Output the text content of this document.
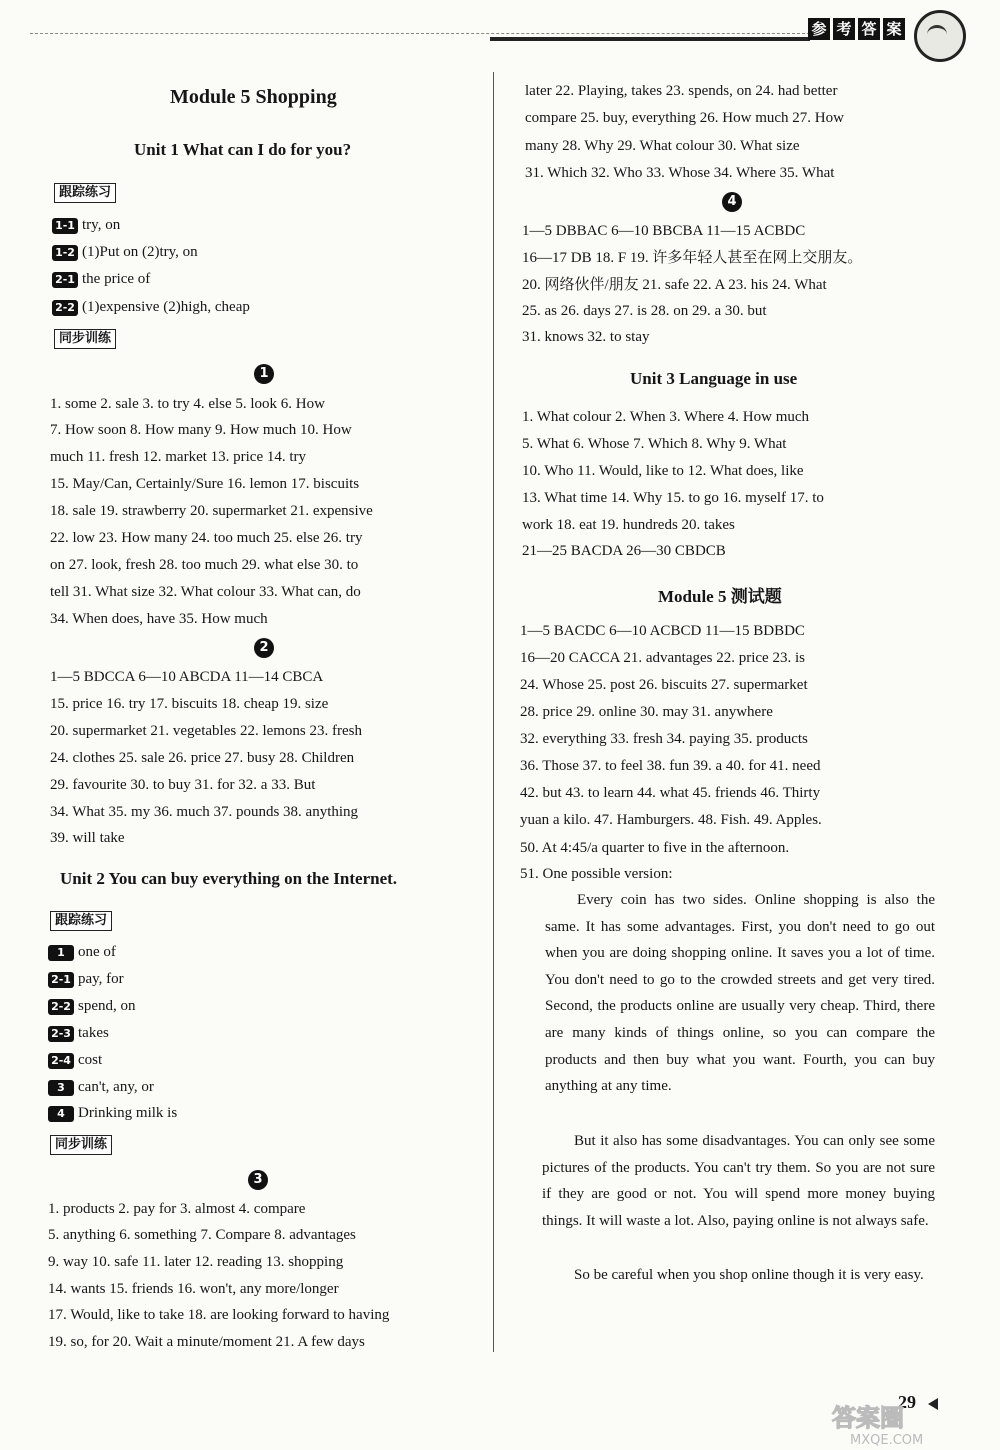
参 考 答 案
Module 5 Shopping
Unit 1 What can I do for you?
跟踪练习
1-1 try, on
1-2 (1)Put on (2)try, on
2-1 the price of
2-2 (1)expensive (2)high, cheap
同步训练
1
1. some 2. sale 3. to try 4. else 5. look 6. How
7. How soon 8. How many 9. How much 10. How
much 11. fresh 12. market 13. price 14. try
15. May/Can, Certainly/Sure 16. lemon 17. biscuits
18. sale 19. strawberry 20. supermarket 21. expensive
22. low 23. How many 24. too much 25. else 26. try
on 27. look, fresh 28. too much 29. what else 30. to
tell 31. What size 32. What colour 33. What can, do
34. When does, have 35. How much
2
1—5 BDCCA 6—10 ABCDA 11—14 CBCA
15. price 16. try 17. biscuits 18. cheap 19. size
20. supermarket 21. vegetables 22. lemons 23. fresh
24. clothes 25. sale 26. price 27. busy 28. Children
29. favourite 30. to buy 31. for 32. a 33. But
34. What 35. my 36. much 37. pounds 38. anything
39. will take
Unit 2 You can buy everything on the Internet.
跟踪练习
1 one of
2-1 pay, for
2-2 spend, on
2-3 takes
2-4 cost
3 can't, any, or
4 Drinking milk is
同步训练
3
1. products 2. pay for 3. almost 4. compare
5. anything 6. something 7. Compare 8. advantages
9. way 10. safe 11. later 12. reading 13. shopping
14. wants 15. friends 16. won't, any more/longer
17. Would, like to take 18. are looking forward to having
19. so, for 20. Wait a minute/moment 21. A few days
later 22. Playing, takes 23. spends, on 24. had better
compare 25. buy, everything 26. How much 27. How
many 28. Why 29. What colour 30. What size
31. Which 32. Who 33. Whose 34. Where 35. What
4
1—5 DBBAC 6—10 BBCBA 11—15 ACBDC
16—17 DB 18. F 19. 许多年轻人甚至在网上交朋友。
20. 网络伙伴/朋友 21. safe 22. A 23. his 24. What
25. as 26. days 27. is 28. on 29. a 30. but
31. knows 32. to stay
Unit 3 Language in use
1. What colour 2. When 3. Where 4. How much
5. What 6. Whose 7. Which 8. Why 9. What
10. Who 11. Would, like to 12. What does, like
13. What time 14. Why 15. to go 16. myself 17. to
work 18. eat 19. hundreds 20. takes
21—25 BACDA 26—30 CBDCB
Module 5 测试题
1—5 BACDC 6—10 ACBCD 11—15 BDBDC
16—20 CACCA 21. advantages 22. price 23. is
24. Whose 25. post 26. biscuits 27. supermarket
28. price 29. online 30. may 31. anywhere
32. everything 33. fresh 34. paying 35. products
36. Those 37. to feel 38. fun 39. a 40. for 41. need
42. but 43. to learn 44. what 45. friends 46. Thirty
yuan a kilo. 47. Hamburgers. 48. Fish. 49. Apples.
50. At 4:45/a quarter to five in the afternoon.
51. One possible version:
Every coin has two sides. Online shopping is also the same. It has some advantages. First, you don't need to go out when you are doing shopping online. It saves you a lot of time. You don't need to go to the crowded streets and get very tired. Second, the products online are usually very cheap. Third, there are many kinds of things online, so you can compare the products and then buy what you want. Fourth, you can buy anything at any time.
But it also has some disadvantages. You can only see some pictures of the products. You can't try them. So you are not sure if they are good or not. You will spend more money buying things. It will waste a lot. Also, paying online is not always safe.
So be careful when you shop online though it is very easy.
29
答案圈
MXQE.COM
